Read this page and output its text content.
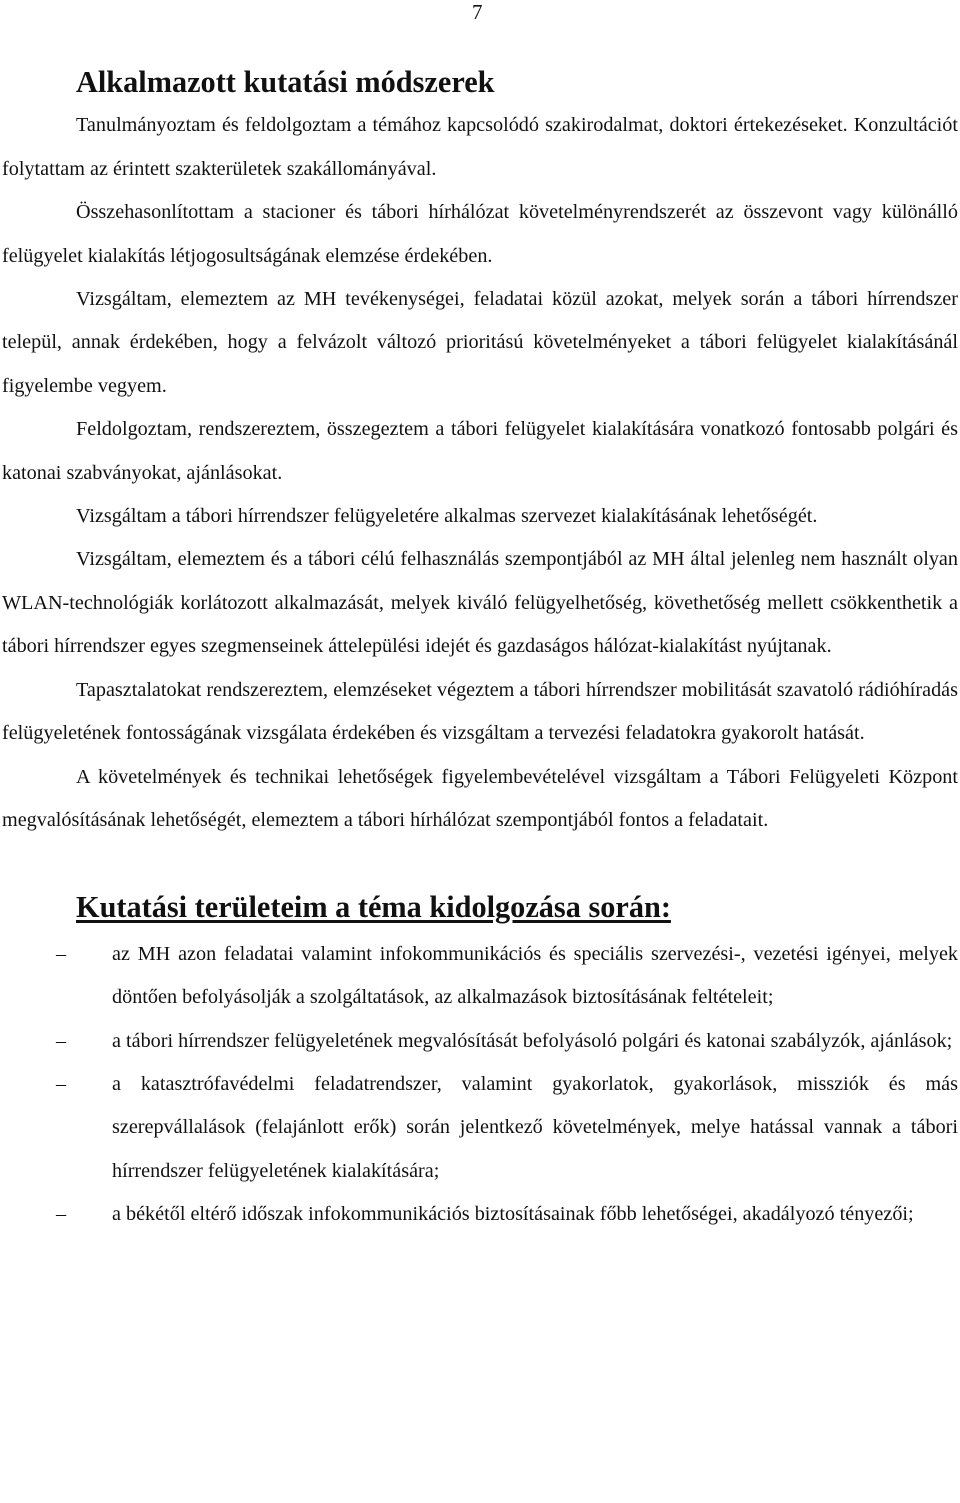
7
Alkalmazott kutatási módszerek

Tanulmányoztam és feldolgoztam a témához kapcsolódó szakirodalmat, doktori értekezéseket. Konzultációt folytattam az érintett szakterületek szakállományával.

Összehasonlítottam a stacioner és tábori hírhálózat követelményrendszerét az összevont vagy különálló felügyelet kialakítás létjogosultságának elemzése érdekében.

Vizsgáltam, elemeztem az MH tevékenységei, feladatai közül azokat, melyek során a tábori hírrendszer települ, annak érdekében, hogy a felvázolt változó prioritású követelményeket a tábori felügyelet kialakításánál figyelembe vegyem.

Feldolgoztam, rendszereztem, összegeztem a tábori felügyelet kialakítására vonatkozó fontosabb polgári és katonai szabványokat, ajánlásokat.

Vizsgáltam a tábori hírrendszer felügyeletére alkalmas szervezet kialakításának lehetőségét.

Vizsgáltam, elemeztem és a tábori célú felhasználás szempontjából az MH által jelenleg nem használt olyan WLAN-technológiák korlátozott alkalmazását, melyek kiváló felügyelhetőség, követhetőség mellett csökkenthetik a tábori hírrendszer egyes szegmenseinek áttelepülési idejét és gazdaságos hálózat-kialakítást nyújtanak.

Tapasztalatokat rendszereztem, elemzéseket végeztem a tábori hírrendszer mobilitását szavatoló rádióhíradás felügyeletének fontosságának vizsgálata érdekében és vizsgáltam a tervezési feladatokra gyakorolt hatását.

A követelmények és technikai lehetőségek figyelembevételével vizsgáltam a Tábori Felügyeleti Központ megvalósításának lehetőségét, elemeztem a tábori hírhálózat szempontjából fontos a feladatait.

Kutatási területeim a téma kidolgozása során:
– az MH azon feladatai valamint infokommunikációs és speciális szervezési-, vezetési igényei, melyek döntően befolyásolják a szolgáltatások, az alkalmazások biztosításának feltételeit;
– a tábori hírrendszer felügyeletének megvalósítását befolyásoló polgári és katonai szabályzók, ajánlások;
– a katasztrófavédelmi feladatrendszer, valamint gyakorlatok, gyakorlások, missziók és más szerepvállalások (felajánlott erők) során jelentkező követelmények, melye hatással vannak a tábori hírrendszer felügyeletének kialakítására;
– a békétől eltérő időszak infokommunikációs biztosításainak főbb lehetőségei, akadályozó tényezői;
